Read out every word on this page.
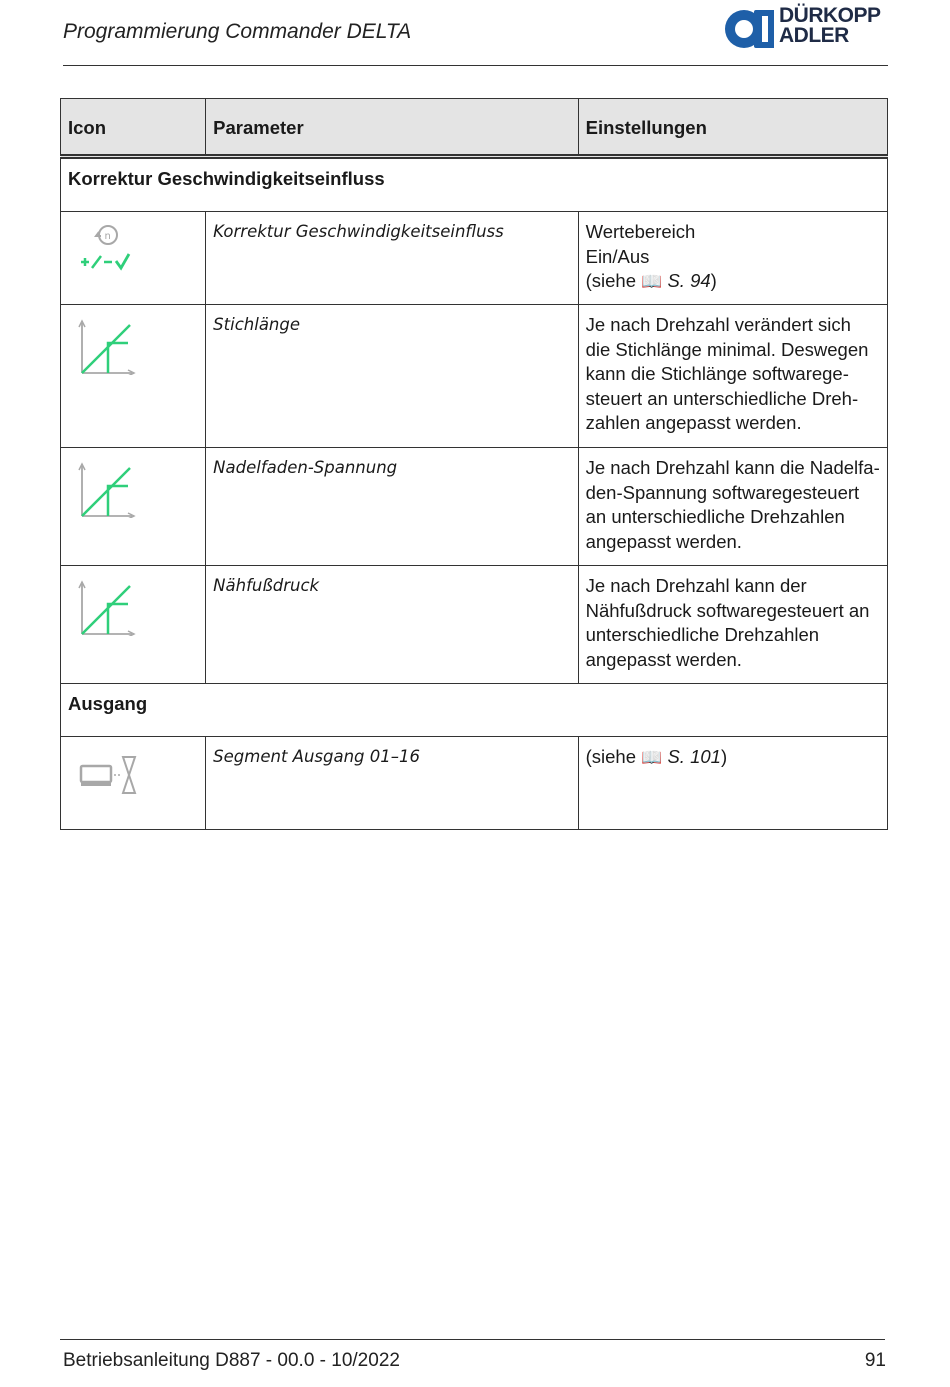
Programmierung Commander DELTA
DÜRKOPP
ADLER
Icon	Parameter	Einstellungen
Korrektur Geschwindigkeitseinfluss		

n	Korrektur Geschwindigkeitseinfluss	Wertebereich
Ein/Aus
(siehe 📖 S. 94)

	Stichlänge	Je nach Drehzahl verändert sich die Stichlänge minimal. Deswegen kann die Stichlänge softwaregesteuert an unterschiedliche Drehzahlen angepasst werden.

	Nadelfaden-Spannung	Je nach Drehzahl kann die Nadelfaden-Spannung softwaregesteuert an unterschiedliche Drehzahlen angepasst werden.

	Nähfußdruck	Je nach Drehzahl kann der Nähfußdruck softwaregesteuert an unterschiedliche Drehzahlen angepasst werden.
Ausgang		

	Segment Ausgang 01–16	(siehe 📖 S. 101)
Betriebsanleitung D887 - 00.0 - 10/2022	91
